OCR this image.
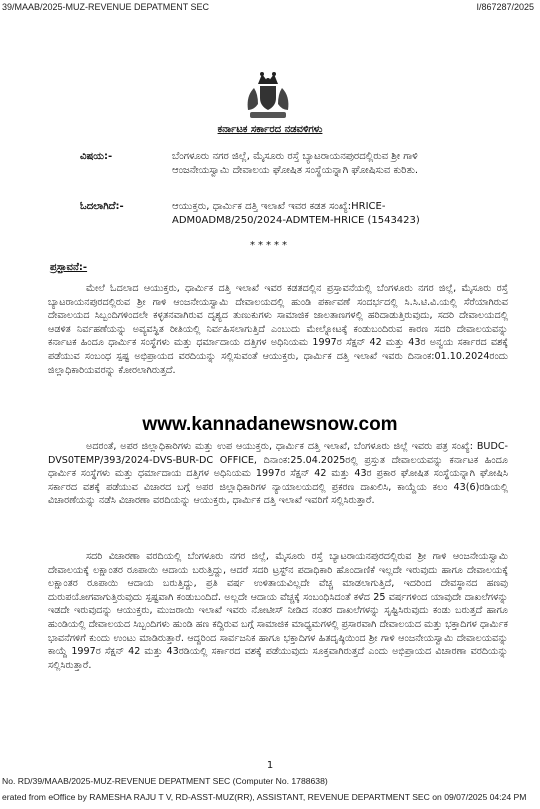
39/MAAB/2025-MUZ-REVENUE DEPATMENT SEC	I/867287/2025
ಕರ್ನಾಟಕ ಸರ್ಕಾರದ ನಡವಳಿಗಳು
ವಿಷಯ:-	ಬೆಂಗಳೂರು ನಗರ ಜಿಲ್ಲೆ, ಮೈಸೂರು ರಸ್ತೆ ಬ್ಯಾಟರಾಯನಪುರದಲ್ಲಿರುವ ಶ್ರೀ ಗಾಳಿ ಆಂಜನೇಯಸ್ವಾಮಿ ದೇವಾಲಯ ಘೋಷಿತ ಸಂಸ್ಥೆಯನ್ನಾಗಿ ಘೋಷಿಸುವ ಕುರಿತು.
ಓದಲಾಗಿದೆ:-	ಆಯುಕ್ತರು, ಧಾರ್ಮಿಕ ದತ್ತಿ ಇಲಾಖೆ ಇವರ ಕಡತ ಸಂಖ್ಯೆ:HRICE-ADM0ADM8/250/2024-ADMTEM-HRICE (1543423)
*****
ಪ್ರಸ್ತಾವನೆ:-

ಮೇಲೆ ಓದಲಾದ ಆಯುಕ್ತರು, ಧಾರ್ಮಿಕ ದತ್ತಿ ಇಲಾಖೆ ಇವರ ಕಡತದಲ್ಲಿನ ಪ್ರಸ್ತಾವನೆಯಲ್ಲಿ ಬೆಂಗಳೂರು ನಗರ ಜಿಲ್ಲೆ, ಮೈಸೂರು ರಸ್ತೆ ಬ್ಯಾಟರಾಯನಪುರದಲ್ಲಿರುವ ಶ್ರೀ ಗಾಳಿ ಆಂಜನೇಯಸ್ವಾಮಿ ದೇವಾಲಯದಲ್ಲಿ ಹುಂಡಿ ಪರ್ಕಾವಣೆ ಸಂದರ್ಭದಲ್ಲಿ ಸಿ.ಸಿ.ಟಿ.ವಿ.ಯಲ್ಲಿ ಸೆರೆಯಾಗಿರುವ ದೇವಾಲಯದ ಸಿಬ್ಬಂದಿಗಳಿಂದಲೇ ಕಳ್ಳತನವಾಗಿರುವ ದೃಶ್ಯದ ತುಣುಕುಗಳು ಸಾಮಾಜಿಕ ಜಾಲತಾಣಗಳಲ್ಲಿ ಹರಿದಾಡುತ್ತಿರುವುದು, ಸದರಿ ದೇವಾಲಯದಲ್ಲಿ ಆಡಳಿತ ನಿರ್ವಹಣೆಯನ್ನು ಅವ್ಯವಸ್ಥಿತ ರೀತಿಯಲ್ಲಿ ನಿರ್ವಹಿಸಲಾಗುತ್ತಿದೆ ಎಂಬುದು ಮೇಲ್ನೋಟಕ್ಕೆ ಕಂಡುಬಂದಿರುವ ಕಾರಣ ಸದರಿ ದೇವಾಲಯವನ್ನು ಕರ್ನಾಟಕ ಹಿಂದೂ ಧಾರ್ಮಿಕ ಸಂಸ್ಥೆಗಳು ಮತ್ತು ಧರ್ಮಾದಾಯ ದತ್ತಿಗಳ ಅಧಿನಿಯಮ 1997ರ ಸೆಕ್ಷನ್ 42 ಮತ್ತು 43ರ ಅನ್ವಯ ಸರ್ಕಾರದ ವಶಕ್ಕೆ ಪಡೆಯುವ ಸಂಬಂಧ ಸ್ಪಷ್ಟ ಅಭಿಪ್ರಾಯದ ವರದಿಯನ್ನು ಸಲ್ಲಿಸುವಂತೆ ಆಯುಕ್ತರು, ಧಾರ್ಮಿಕ ದತ್ತಿ ಇಲಾಖೆ ಇವರು ದಿನಾಂಕ:01.10.2024ರಂದು ಜಿಲ್ಲಾಧಿಕಾರಿಯವರನ್ನು ಕೋರಲಾಗಿರುತ್ತದೆ.

www.kannadanewsnow.com

ಅದರಂತೆ, ಅಪರ ಜಿಲ್ಲಾಧಿಕಾರಿಗಳು ಮತ್ತು ಉಪ ಆಯುಕ್ತರು, ಧಾರ್ಮಿಕ ದತ್ತಿ ಇಲಾಖೆ, ಬೆಂಗಳೂರು ಜಿಲ್ಲೆ ಇವರು ಪತ್ರ ಸಂಖ್ಯೆ: BUDC-DVS0TEMP/393/2024-DVS-BUR-DC OFFICE, ದಿನಾಂಕ:25.04.2025ರಲ್ಲಿ ಪ್ರಸ್ತುತ ದೇವಾಲಯವನ್ನು ಕರ್ನಾಟಕ ಹಿಂದೂ ಧಾರ್ಮಿಕ ಸಂಸ್ಥೆಗಳು ಮತ್ತು ಧರ್ಮಾದಾಯ ದತ್ತಿಗಳ ಅಧಿನಿಯಮ 1997ರ ಸೆಕ್ಷನ್ 42 ಮತ್ತು 43ರ ಪ್ರಕಾರ ಘೋಷಿತ ಸಂಸ್ಥೆಯನ್ನಾಗಿ ಘೋಷಿಸಿ ಸರ್ಕಾರದ ವಶಕ್ಕೆ ಪಡೆಯುವ ವಿಚಾರದ ಬಗ್ಗೆ ಅಪರ ಜಿಲ್ಲಾಧಿಕಾರಿಗಳ ನ್ಯಾಯಾಲಯದಲ್ಲಿ ಪ್ರಕರಣ ದಾಖಲಿಸಿ, ಕಾಯ್ದೆಯ ಕಲಂ 43(6)ರಡಿಯಲ್ಲಿ ವಿಚಾರಣೆಯನ್ನು ನಡೆಸಿ ವಿಚಾರಣಾ ವರದಿಯನ್ನು ಆಯುಕ್ತರು, ಧಾರ್ಮಿಕ ದತ್ತಿ ಇಲಾಖೆ ಇವರಿಗೆ ಸಲ್ಲಿಸಿರುತ್ತಾರೆ.

ಸದರಿ ವಿಚಾರಣಾ ವರದಿಯಲ್ಲಿ ಬೆಂಗಳೂರು ನಗರ ಜಿಲ್ಲೆ, ಮೈಸೂರು ರಸ್ತೆ ಬ್ಯಾಟರಾಯನಪುರದಲ್ಲಿರುವ ಶ್ರೀ ಗಾಳಿ ಆಂಜನೇಯಸ್ವಾಮಿ ದೇವಾಲಯಕ್ಕೆ ಲಕ್ಷಾಂತರ ರೂಪಾಯಿ ಆದಾಯ ಬರುತ್ತಿದ್ದು, ಆದರೆ ಸದರಿ ಟ್ರಸ್ಟ್‌ನ ಪದಾಧಿಕಾರಿ ಹೊಂದಾಣಿಕೆ ಇಲ್ಲದೇ ಇರುವುದು ಹಾಗೂ ದೇವಾಲಯಕ್ಕೆ ಲಕ್ಷಾಂತರ ರೂಪಾಯಿ ಆದಾಯ ಬರುತ್ತಿದ್ದು, ಪ್ರತಿ ವರ್ಷ ಉಳಿತಾಯವಿಲ್ಲದೇ ವೆಚ್ಚ ಮಾಡಲಾಗುತ್ತಿದೆ, ಇದರಿಂದ ದೇವಸ್ಥಾನದ ಹಣವು ದುರುಪಯೋಗವಾಗುತ್ತಿರುವುದು ಸ್ಪಷ್ಟವಾಗಿ ಕಂಡುಬಂದಿದೆ. ಅಲ್ಲದೇ ಆದಾಯ ವೆಚ್ಚಕ್ಕೆ ಸಂಬಂಧಿಸಿದಂತೆ ಕಳೆದ 25 ವರ್ಷಗಳಿಂದ ಯಾವುದೇ ದಾಖಲೆಗಳನ್ನು ಇಡದೇ ಇರುವುದನ್ನು ಆಯುಕ್ತರು, ಮುಜರಾಯಿ ಇಲಾಖೆ ಇವರು ನೋಟೀಸ್ ನೀಡಿದ ನಂತರ ದಾಖಲೆಗಳನ್ನು ಸೃಷ್ಟಿಸಿರುವುದು ಕಂಡು ಬರುತ್ತದೆ ಹಾಗೂ ಹುಂಡಿಯಲ್ಲಿ ದೇವಾಲಯದ ಸಿಬ್ಬಂದಿಗಳು ಹುಂಡಿ ಹಣ ಕದ್ದಿರುವ ಬಗ್ಗೆ ಸಾಮಾಜಿಕ ಮಾಧ್ಯಮಗಳಲ್ಲಿ ಪ್ರಸಾರವಾಗಿ ದೇವಾಲಯದ ಮತ್ತು ಭಕ್ತಾದಿಗಳ ಧಾರ್ಮಿಕ ಭಾವನೆಗಳಿಗೆ ಕುಂದು ಉಂಟು ಮಾಡಿರುತ್ತಾರೆ. ಆದ್ದರಿಂದ ಸಾರ್ವಜನಿಕ ಹಾಗೂ ಭಕ್ತಾದಿಗಳ ಹಿತದೃಷ್ಠಿಯಿಂದ ಶ್ರೀ ಗಾಳಿ ಆಂಜನೇಯಸ್ವಾಮಿ ದೇವಾಲಯವನ್ನು ಕಾಯ್ದೆ 1997ರ ಸೆಕ್ಷನ್ 42 ಮತ್ತು 43ರಡಿಯಲ್ಲಿ ಸರ್ಕಾರದ ವಶಕ್ಕೆ ಪಡೆಯುವುದು ಸೂಕ್ತವಾಗಿರುತ್ತದೆ ಎಂದು ಅಭಿಪ್ರಾಯದ ವಿಚಾರಣಾ ವರದಿಯನ್ನು ಸಲ್ಲಿಸಿರುತ್ತಾರೆ.

1
No. RD/39/MAAB/2025-MUZ-REVENUE DEPATMENT SEC (Computer No. 1788638)
erated from eOffice by RAMESHA RAJU T V, RD-ASST-MUZ(RR), ASSISTANT, REVENUE DEPARTMENT SEC on 09/07/2025 04:24 PM
